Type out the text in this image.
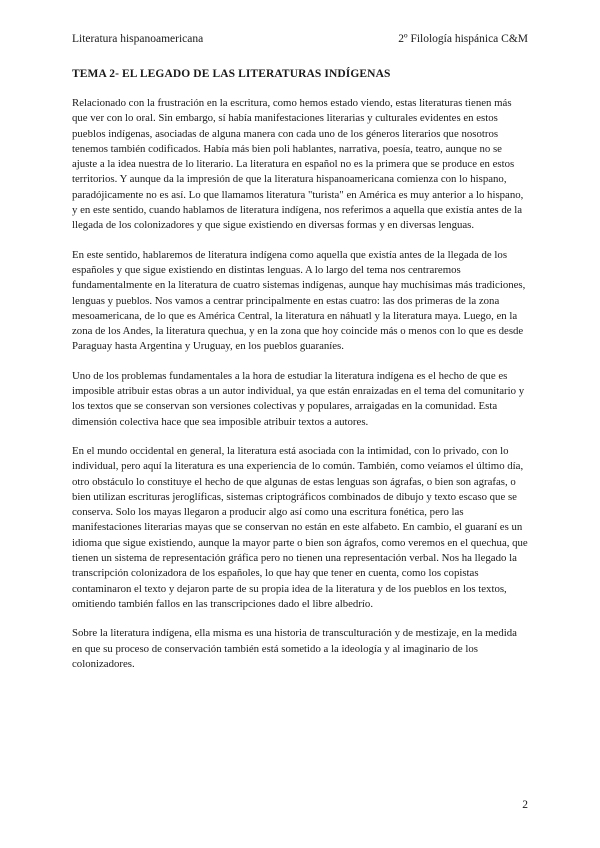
Literatura hispanoamericana	2º Filología hispánica C&M

TEMA 2- EL LEGADO DE LAS LITERATURAS INDÍGENAS

Relacionado con la frustración en la escritura, como hemos estado viendo, estas literaturas tienen más que ver con lo oral. Sin embargo, sí había manifestaciones literarias y culturales evidentes en estos pueblos indígenas, asociadas de alguna manera con cada uno de los géneros literarios que nosotros tenemos también codificados. Había más bien poli hablantes, narrativa, poesía, teatro, aunque no se ajuste a la idea nuestra de lo literario. La literatura en español no es la primera que se produce en estos territorios. Y aunque da la impresión de que la literatura hispanoamericana comienza con lo hispano, paradójicamente no es así. Lo que llamamos literatura "turista" en América es muy anterior a lo hispano, y en este sentido, cuando hablamos de literatura indígena, nos referimos a aquella que existía antes de la llegada de los colonizadores y que sigue existiendo en diversas formas y en diversas lenguas.

En este sentido, hablaremos de literatura indígena como aquella que existía antes de la llegada de los españoles y que sigue existiendo en distintas lenguas. A lo largo del tema nos centraremos fundamentalmente en la literatura de cuatro sistemas indígenas, aunque hay muchísimas más tradiciones, lenguas y pueblos. Nos vamos a centrar principalmente en estas cuatro: las dos primeras de la zona mesoamericana, de lo que es América Central, la literatura en náhuatl y la literatura maya. Luego, en la zona de los Andes, la literatura quechua, y en la zona que hoy coincide más o menos con lo que es desde Paraguay hasta Argentina y Uruguay, en los pueblos guaraníes.

Uno de los problemas fundamentales a la hora de estudiar la literatura indígena es el hecho de que es imposible atribuir estas obras a un autor individual, ya que están enraizadas en el tema del comunitario y los textos que se conservan son versiones colectivas y populares, arraigadas en la comunidad. Esta dimensión colectiva hace que sea imposible atribuir textos a autores.

En el mundo occidental en general, la literatura está asociada con la intimidad, con lo privado, con lo individual, pero aquí la literatura es una experiencia de lo común. También, como veíamos el último día, otro obstáculo lo constituye el hecho de que algunas de estas lenguas son ágrafas, o bien son agrafas, o bien utilizan escrituras jeroglíficas, sistemas criptográficos combinados de dibujo y texto escaso que se conserva. Solo los mayas llegaron a producir algo así como una escritura fonética, pero las manifestaciones literarias mayas que se conservan no están en este alfabeto. En cambio, el guaraní es un idioma que sigue existiendo, aunque la mayor parte o bien son ágrafos, como veremos en el quechua, que tienen un sistema de representación gráfica pero no tienen una representación verbal. Nos ha llegado la transcripción colonizadora de los españoles, lo que hay que tener en cuenta, como los copistas contaminaron el texto y dejaron parte de su propia idea de la literatura y de los pueblos en los textos, omitiendo también fallos en las transcripciones dado el libre albedrío.

Sobre la literatura indígena, ella misma es una historia de transculturación y de mestizaje, en la medida en que su proceso de conservación también está sometido a la ideología y al imaginario de los colonizadores.

2
